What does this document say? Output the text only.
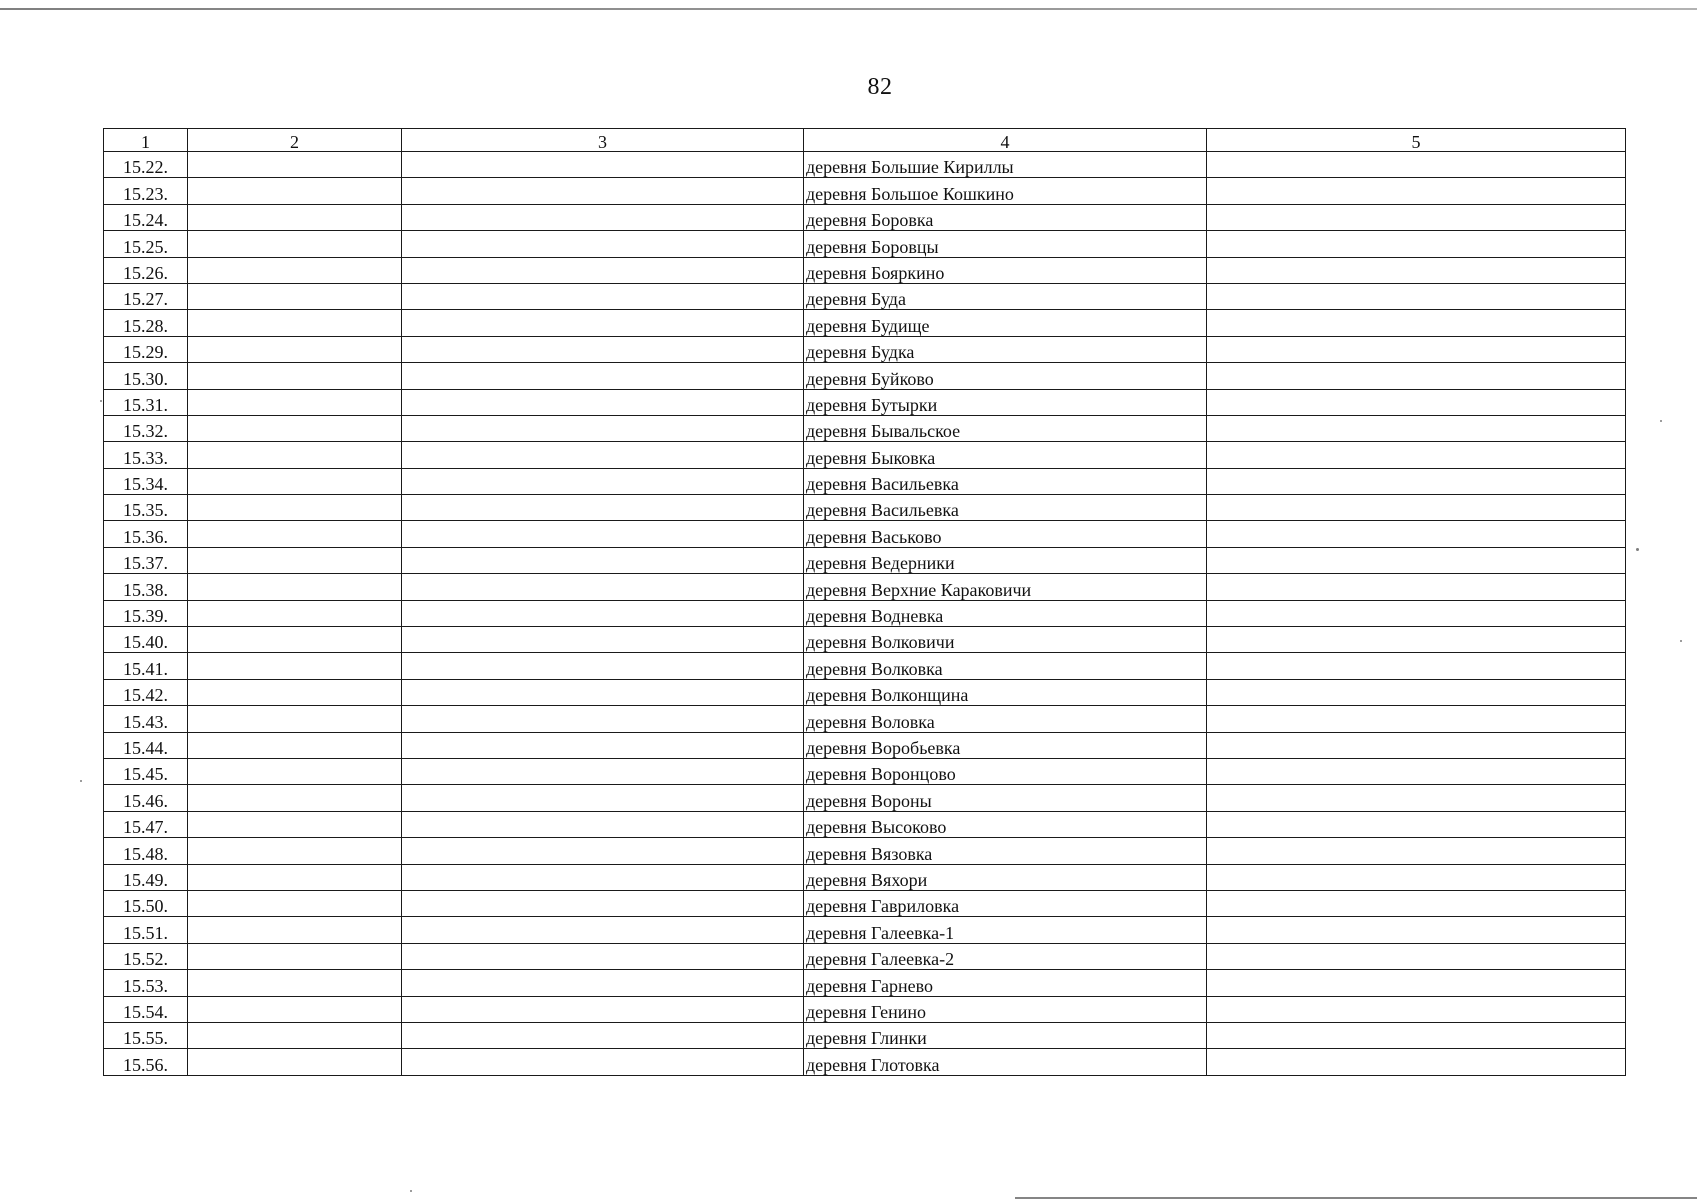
82
1	2	3	4	5
15.22.			деревня Большие Кириллы	
15.23.			деревня Большое Кошкино	
15.24.			деревня Боровка	
15.25.			деревня Боровцы	
15.26.			деревня Бояркино	
15.27.			деревня Буда	
15.28.			деревня Будище	
15.29.			деревня Будка	
15.30.			деревня Буйково	
15.31.			деревня Бутырки	
15.32.			деревня Бывальское	
15.33.			деревня Быковка	
15.34.			деревня Васильевка	
15.35.			деревня Васильевка	
15.36.			деревня Васьково	
15.37.			деревня Ведерники	
15.38.			деревня Верхние Караковичи	
15.39.			деревня Водневка	
15.40.			деревня Волковичи	
15.41.			деревня Волковка	
15.42.			деревня Волконщина	
15.43.			деревня Воловка	
15.44.			деревня Воробьевка	
15.45.			деревня Воронцово	
15.46.			деревня Вороны	
15.47.			деревня Высоково	
15.48.			деревня Вязовка	
15.49.			деревня Вяхори	
15.50.			деревня Гавриловка	
15.51.			деревня Галеевка-1	
15.52.			деревня Галеевка-2	
15.53.			деревня Гарнево	
15.54.			деревня Генино	
15.55.			деревня Глинки	
15.56.			деревня Глотовка	
